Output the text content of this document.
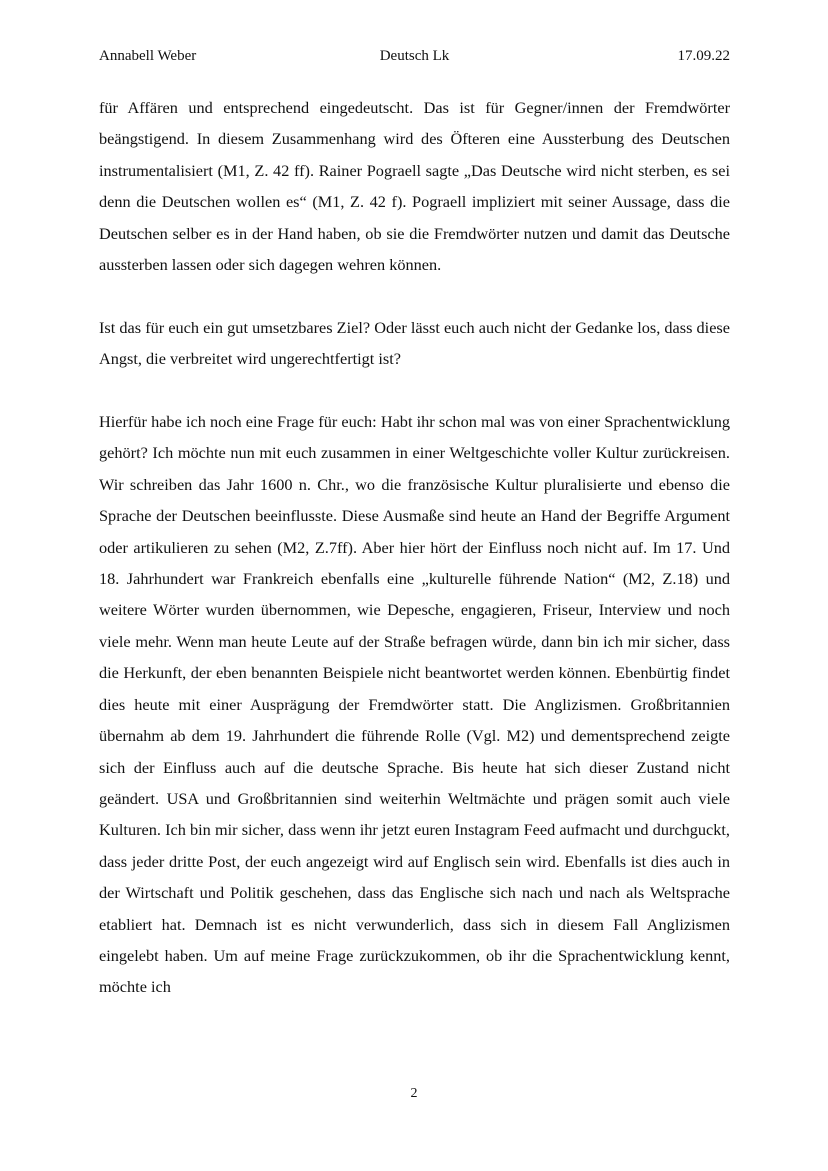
Annabell Weber	Deutsch Lk	17.09.22

für Affären und entsprechend eingedeutscht. Das ist für Gegner/innen der Fremdwörter beängstigend. In diesem Zusammenhang wird des Öfteren eine Aussterbung des Deutschen instrumentalisiert (M1, Z. 42 ff). Rainer Pograell sagte „Das Deutsche wird nicht sterben, es sei denn die Deutschen wollen es“ (M1, Z. 42 f). Pograell impliziert mit seiner Aussage, dass die Deutschen selber es in der Hand haben, ob sie die Fremdwörter nutzen und damit das Deutsche aussterben lassen oder sich dagegen wehren können.

Ist das für euch ein gut umsetzbares Ziel? Oder lässt euch auch nicht der Gedanke los, dass diese Angst, die verbreitet wird ungerechtfertigt ist?

Hierfür habe ich noch eine Frage für euch: Habt ihr schon mal was von einer Sprachentwicklung gehört? Ich möchte nun mit euch zusammen in einer Weltgeschichte voller Kultur zurückreisen. Wir schreiben das Jahr 1600 n. Chr., wo die französische Kultur pluralisierte und ebenso die Sprache der Deutschen beeinflusste. Diese Ausmaße sind heute an Hand der Begriffe Argument oder artikulieren zu sehen (M2, Z.7ff). Aber hier hört der Einfluss noch nicht auf. Im 17. Und 18. Jahrhundert war Frankreich ebenfalls eine „kulturelle führende Nation“ (M2, Z.18) und weitere Wörter wurden übernommen, wie Depesche, engagieren, Friseur, Interview und noch viele mehr. Wenn man heute Leute auf der Straße befragen würde, dann bin ich mir sicher, dass die Herkunft, der eben benannten Beispiele nicht beantwortet werden können. Ebenbürtig findet dies heute mit einer Ausprägung der Fremdwörter statt. Die Anglizismen. Großbritannien übernahm ab dem 19. Jahrhundert die führende Rolle (Vgl. M2) und dementsprechend zeigte sich der Einfluss auch auf die deutsche Sprache. Bis heute hat sich dieser Zustand nicht geändert. USA und Großbritannien sind weiterhin Weltmächte und prägen somit auch viele Kulturen. Ich bin mir sicher, dass wenn ihr jetzt euren Instagram Feed aufmacht und durchguckt, dass jeder dritte Post, der euch angezeigt wird auf Englisch sein wird. Ebenfalls ist dies auch in der Wirtschaft und Politik geschehen, dass das Englische sich nach und nach als Weltsprache etabliert hat. Demnach ist es nicht verwunderlich, dass sich in diesem Fall Anglizismen eingelebt haben. Um auf meine Frage zurückzukommen, ob ihr die Sprachentwicklung kennt, möchte ich

2
